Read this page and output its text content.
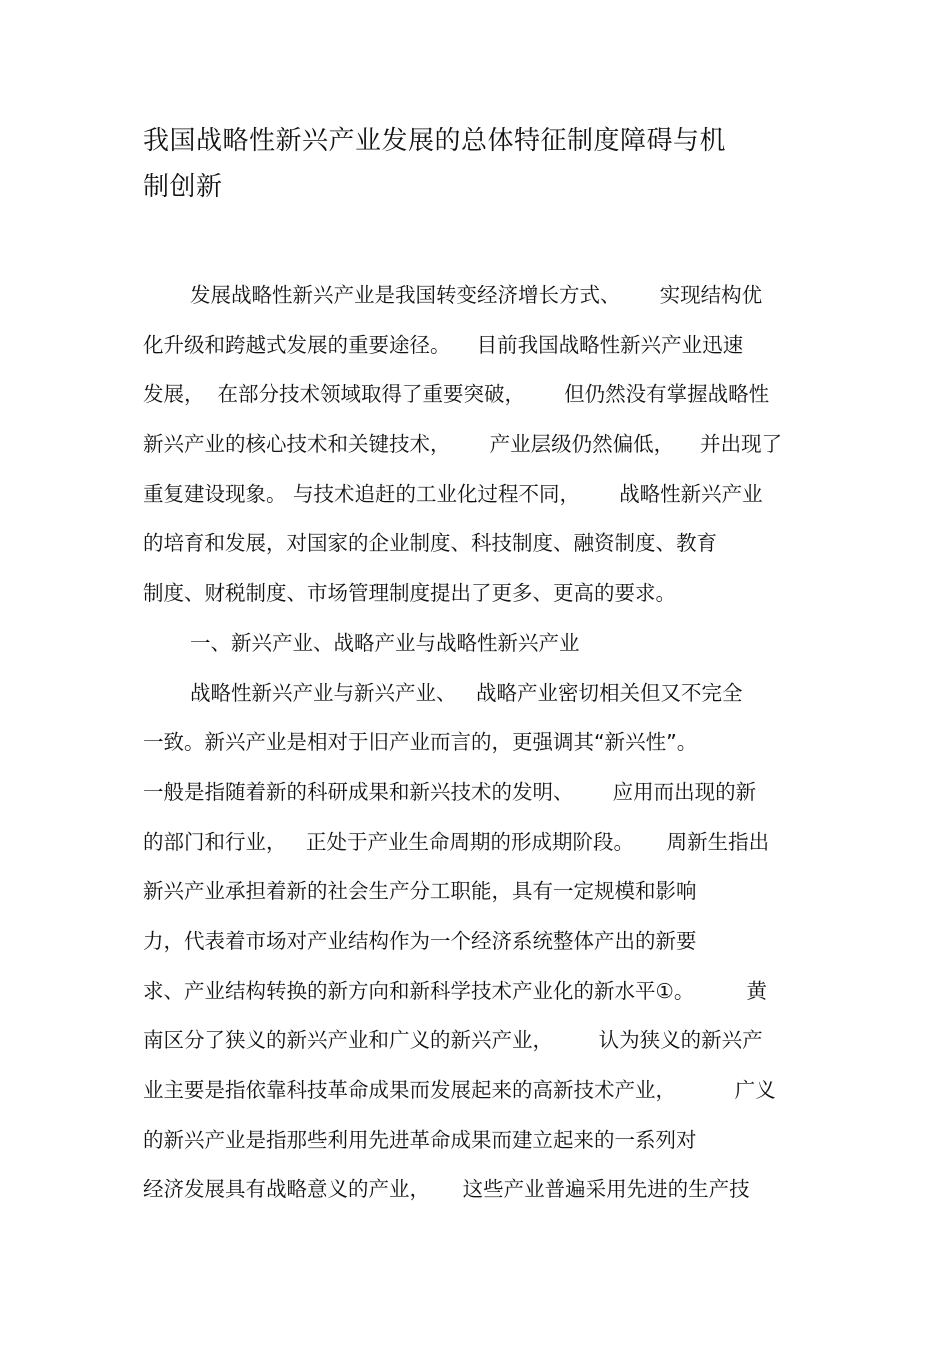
我国战略性新兴产业发展的总体特征制度障碍与机
制创新
发展战略性新兴产业是我国转变经济增长方式、      实现结构优
化升级和跨越式发展的重要途径。    目前我国战略性新兴产业迅速
发展，  在部分技术领域取得了重要突破，      但仍然没有掌握战略性
新兴产业的核心技术和关键技术，      产业层级仍然偏低，    并出现了
重复建设现象。 与技术追赶的工业化过程不同，      战略性新兴产业
的培育和发展，对国家的企业制度、科技制度、融资制度、教育
制度、财税制度、市场管理制度提出了更多、更高的要求。
一、新兴产业、战略产业与战略性新兴产业
战略性新兴产业与新兴产业、   战略产业密切相关但又不完全
一致。新兴产业是相对于旧产业而言的，更强调其“新兴性”。
一般是指随着新的科研成果和新兴技术的发明、      应用而出现的新
的部门和行业，   正处于产业生命周期的形成期阶段。     周新生指出
新兴产业承担着新的社会生产分工职能，具有一定规模和影响
力，代表着市场对产业结构作为一个经济系统整体产出的新要
求、产业结构转换的新方向和新科学技术产业化的新水平①。        黄
南区分了狭义的新兴产业和广义的新兴产业，       认为狭义的新兴产
业主要是指依靠科技革命成果而发展起来的高新技术产业，         广义
的新兴产业是指那些利用先进革命成果而建立起来的一系列对
经济发展具有战略意义的产业，     这些产业普遍采用先进的生产技
